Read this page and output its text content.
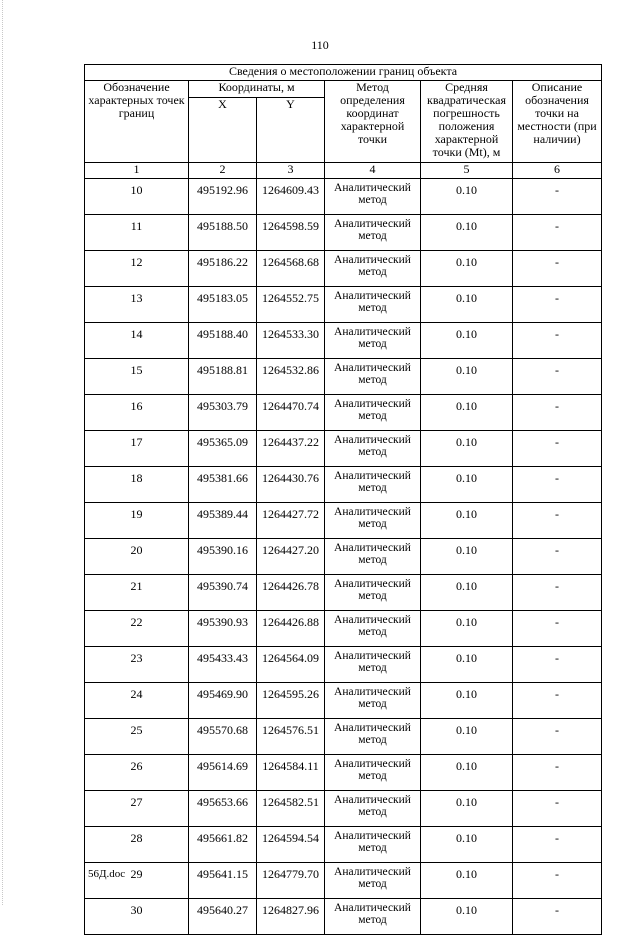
110
Сведения о местоположении границ объекта					
Обозначение характерных точек границ	Координаты, м		Метод определения координат характерной точки	Средняя квадратическая погрешность положения характерной точки (Mt), м	Описание обозначения точки на местности (при наличии)
	X	Y			
1	2	3	4	5	6
10	495192.96	1264609.43	Аналитический метод	0.10	-
11	495188.50	1264598.59	Аналитический метод	0.10	-
12	495186.22	1264568.68	Аналитический метод	0.10	-
13	495183.05	1264552.75	Аналитический метод	0.10	-
14	495188.40	1264533.30	Аналитический метод	0.10	-
15	495188.81	1264532.86	Аналитический метод	0.10	-
16	495303.79	1264470.74	Аналитический метод	0.10	-
17	495365.09	1264437.22	Аналитический метод	0.10	-
18	495381.66	1264430.76	Аналитический метод	0.10	-
19	495389.44	1264427.72	Аналитический метод	0.10	-
20	495390.16	1264427.20	Аналитический метод	0.10	-
21	495390.74	1264426.78	Аналитический метод	0.10	-
22	495390.93	1264426.88	Аналитический метод	0.10	-
23	495433.43	1264564.09	Аналитический метод	0.10	-
24	495469.90	1264595.26	Аналитический метод	0.10	-
25	495570.68	1264576.51	Аналитический метод	0.10	-
26	495614.69	1264584.11	Аналитический метод	0.10	-
27	495653.66	1264582.51	Аналитический метод	0.10	-
28	495661.82	1264594.54	Аналитический метод	0.10	-
29	495641.15	1264779.70	Аналитический метод	0.10	-
30	495640.27	1264827.96	Аналитический метод	0.10	-
56Д.doc
